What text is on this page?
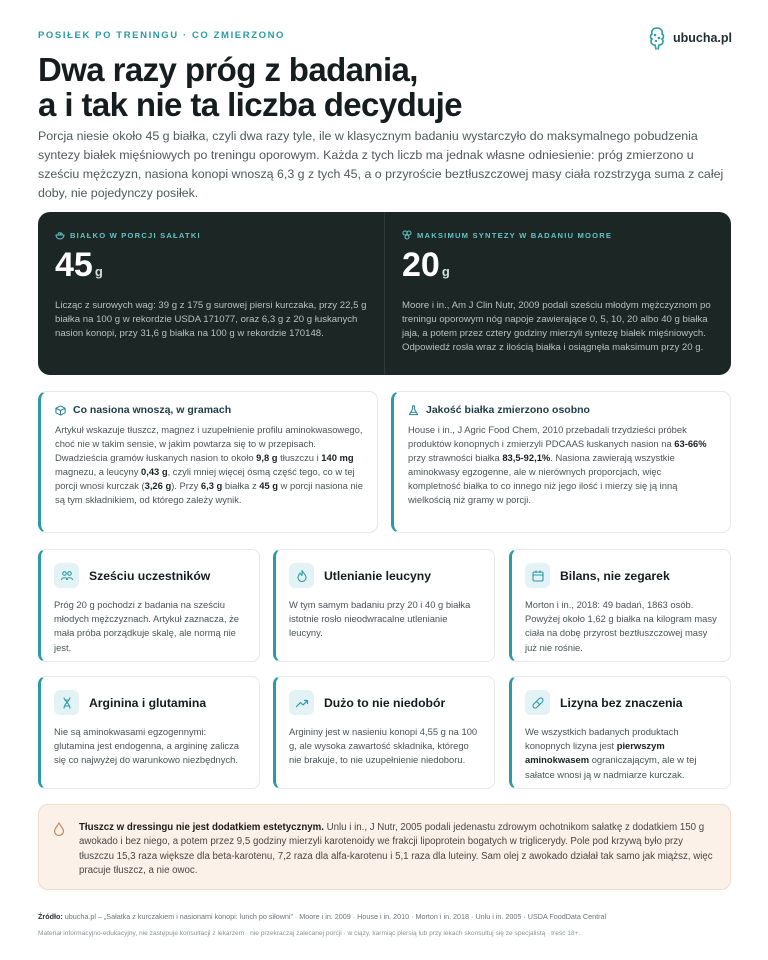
POSIŁEK PO TRENINGU · CO ZMIERZONO	ubucha.pl
Dwa razy próg z badania,
a i tak nie ta liczba decyduje

Porcja niesie około 45 g białka, czyli dwa razy tyle, ile w klasycznym badaniu wystarczyło do maksymalnego pobudzenia syntezy białek mięśniowych po treningu oporowym. Każda z tych liczb ma jednak własne odniesienie: próg zmierzono u sześciu mężczyzn, nasiona konopi wnoszą 6,3 g z tych 45, a o przyroście beztłuszczowej masy ciała rozstrzyga suma z całej doby, nie pojedynczy posiłek.

BIAŁKO W PORCJI SAŁATKI
45 g

Licząc z surowych wag: 39 g z 175 g surowej piersi kurczaka, przy 22,5 g białka na 100 g w rekordzie USDA 171077, oraz 6,3 g z 20 g łuskanych nasion konopi, przy 31,6 g białka na 100 g w rekordzie 170148.

MAKSIMUM SYNTEZY W BADANIU MOORE
20 g

Moore i in., Am J Clin Nutr, 2009 podali sześciu młodym mężczyznom po treningu oporowym nóg napoje zawierające 0, 5, 10, 20 albo 40 g białka jaja, a potem przez cztery godziny mierzyli syntezę białek mięśniowych. Odpowiedź rosła wraz z ilością białka i osiągnęła maksimum przy 20 g.

Co nasiona wnoszą, w gramach

Artykuł wskazuje tłuszcz, magnez i uzupełnienie profilu aminokwasowego, choć nie w takim sensie, w jakim powtarza się to w przepisach. Dwadzieścia gramów łuskanych nasion to około 9,8 g tłuszczu i 140 mg magnezu, a leucyny 0,43 g, czyli mniej więcej ósmą część tego, co w tej porcji wnosi kurczak (3,26 g). Przy 6,3 g białka z 45 g w porcji nasiona nie są tym składnikiem, od którego zależy wynik.

Jakość białka zmierzono osobno

House i in., J Agric Food Chem, 2010 przebadali trzydzieści próbek produktów konopnych i zmierzyli PDCAAS łuskanych nasion na 63-66% przy strawności białka 83,5-92,1%. Nasiona zawierają wszystkie aminokwasy egzogenne, ale w nierównych proporcjach, więc kompletność białka to co innego niż jego ilość i mierzy się ją inną wielkością niż gramy w porcji.

Sześciu uczestników

Próg 20 g pochodzi z badania na sześciu młodych mężczyznach. Artykuł zaznacza, że mała próba porządkuje skalę, ale normą nie jest.

Utlenianie leucyny

W tym samym badaniu przy 20 i 40 g białka istotnie rosło nieodwracalne utlenianie leucyny.

Bilans, nie zegarek

Morton i in., 2018: 49 badań, 1863 osób. Powyżej około 1,62 g białka na kilogram masy ciała na dobę przyrost beztłuszczowej masy już nie rośnie.

Arginina i glutamina

Nie są aminokwasami egzogennymi: glutamina jest endogenna, a argininę zalicza się co najwyżej do warunkowo niezbędnych.

Dużo to nie niedobór

Argininy jest w nasieniu konopi 4,55 g na 100 g, ale wysoka zawartość składnika, którego nie brakuje, to nie uzupełnienie niedoboru.

Lizyna bez znaczenia

We wszystkich badanych produktach konopnych lizyna jest pierwszym aminokwasem ograniczającym, ale w tej sałatce wnosi ją w nadmiarze kurczak.

Tłuszcz w dressingu nie jest dodatkiem estetycznym. Unlu i in., J Nutr, 2005 podali jedenastu zdrowym ochotnikom sałatkę z dodatkiem 150 g awokado i bez niego, a potem przez 9,5 godziny mierzyli karotenoidy we frakcji lipoprotein bogatych w triglicerydy. Pole pod krzywą było przy tłuszczu 15,3 raza większe dla beta-karotenu, 7,2 raza dla alfa-karotenu i 5,1 raza dla luteiny. Sam olej z awokado działał tak samo jak miąższ, więc pracuje tłuszcz, a nie owoc.

Źródło: ubucha.pl – „Sałatka z kurczakiem i nasionami konopi: lunch po siłowni” · Moore i in. 2009 · House i in. 2010 · Morton i in. 2018 · Unlu i in. 2005 · USDA FoodData Central
Materiał informacyjno-edukacyjny, nie zastępuje konsultacji z lekarzem · nie przekraczaj zalecanej porcji · w ciąży, karmiąc piersią lub przy lekach skonsultuj się ze specjalistą · treść 18+.
